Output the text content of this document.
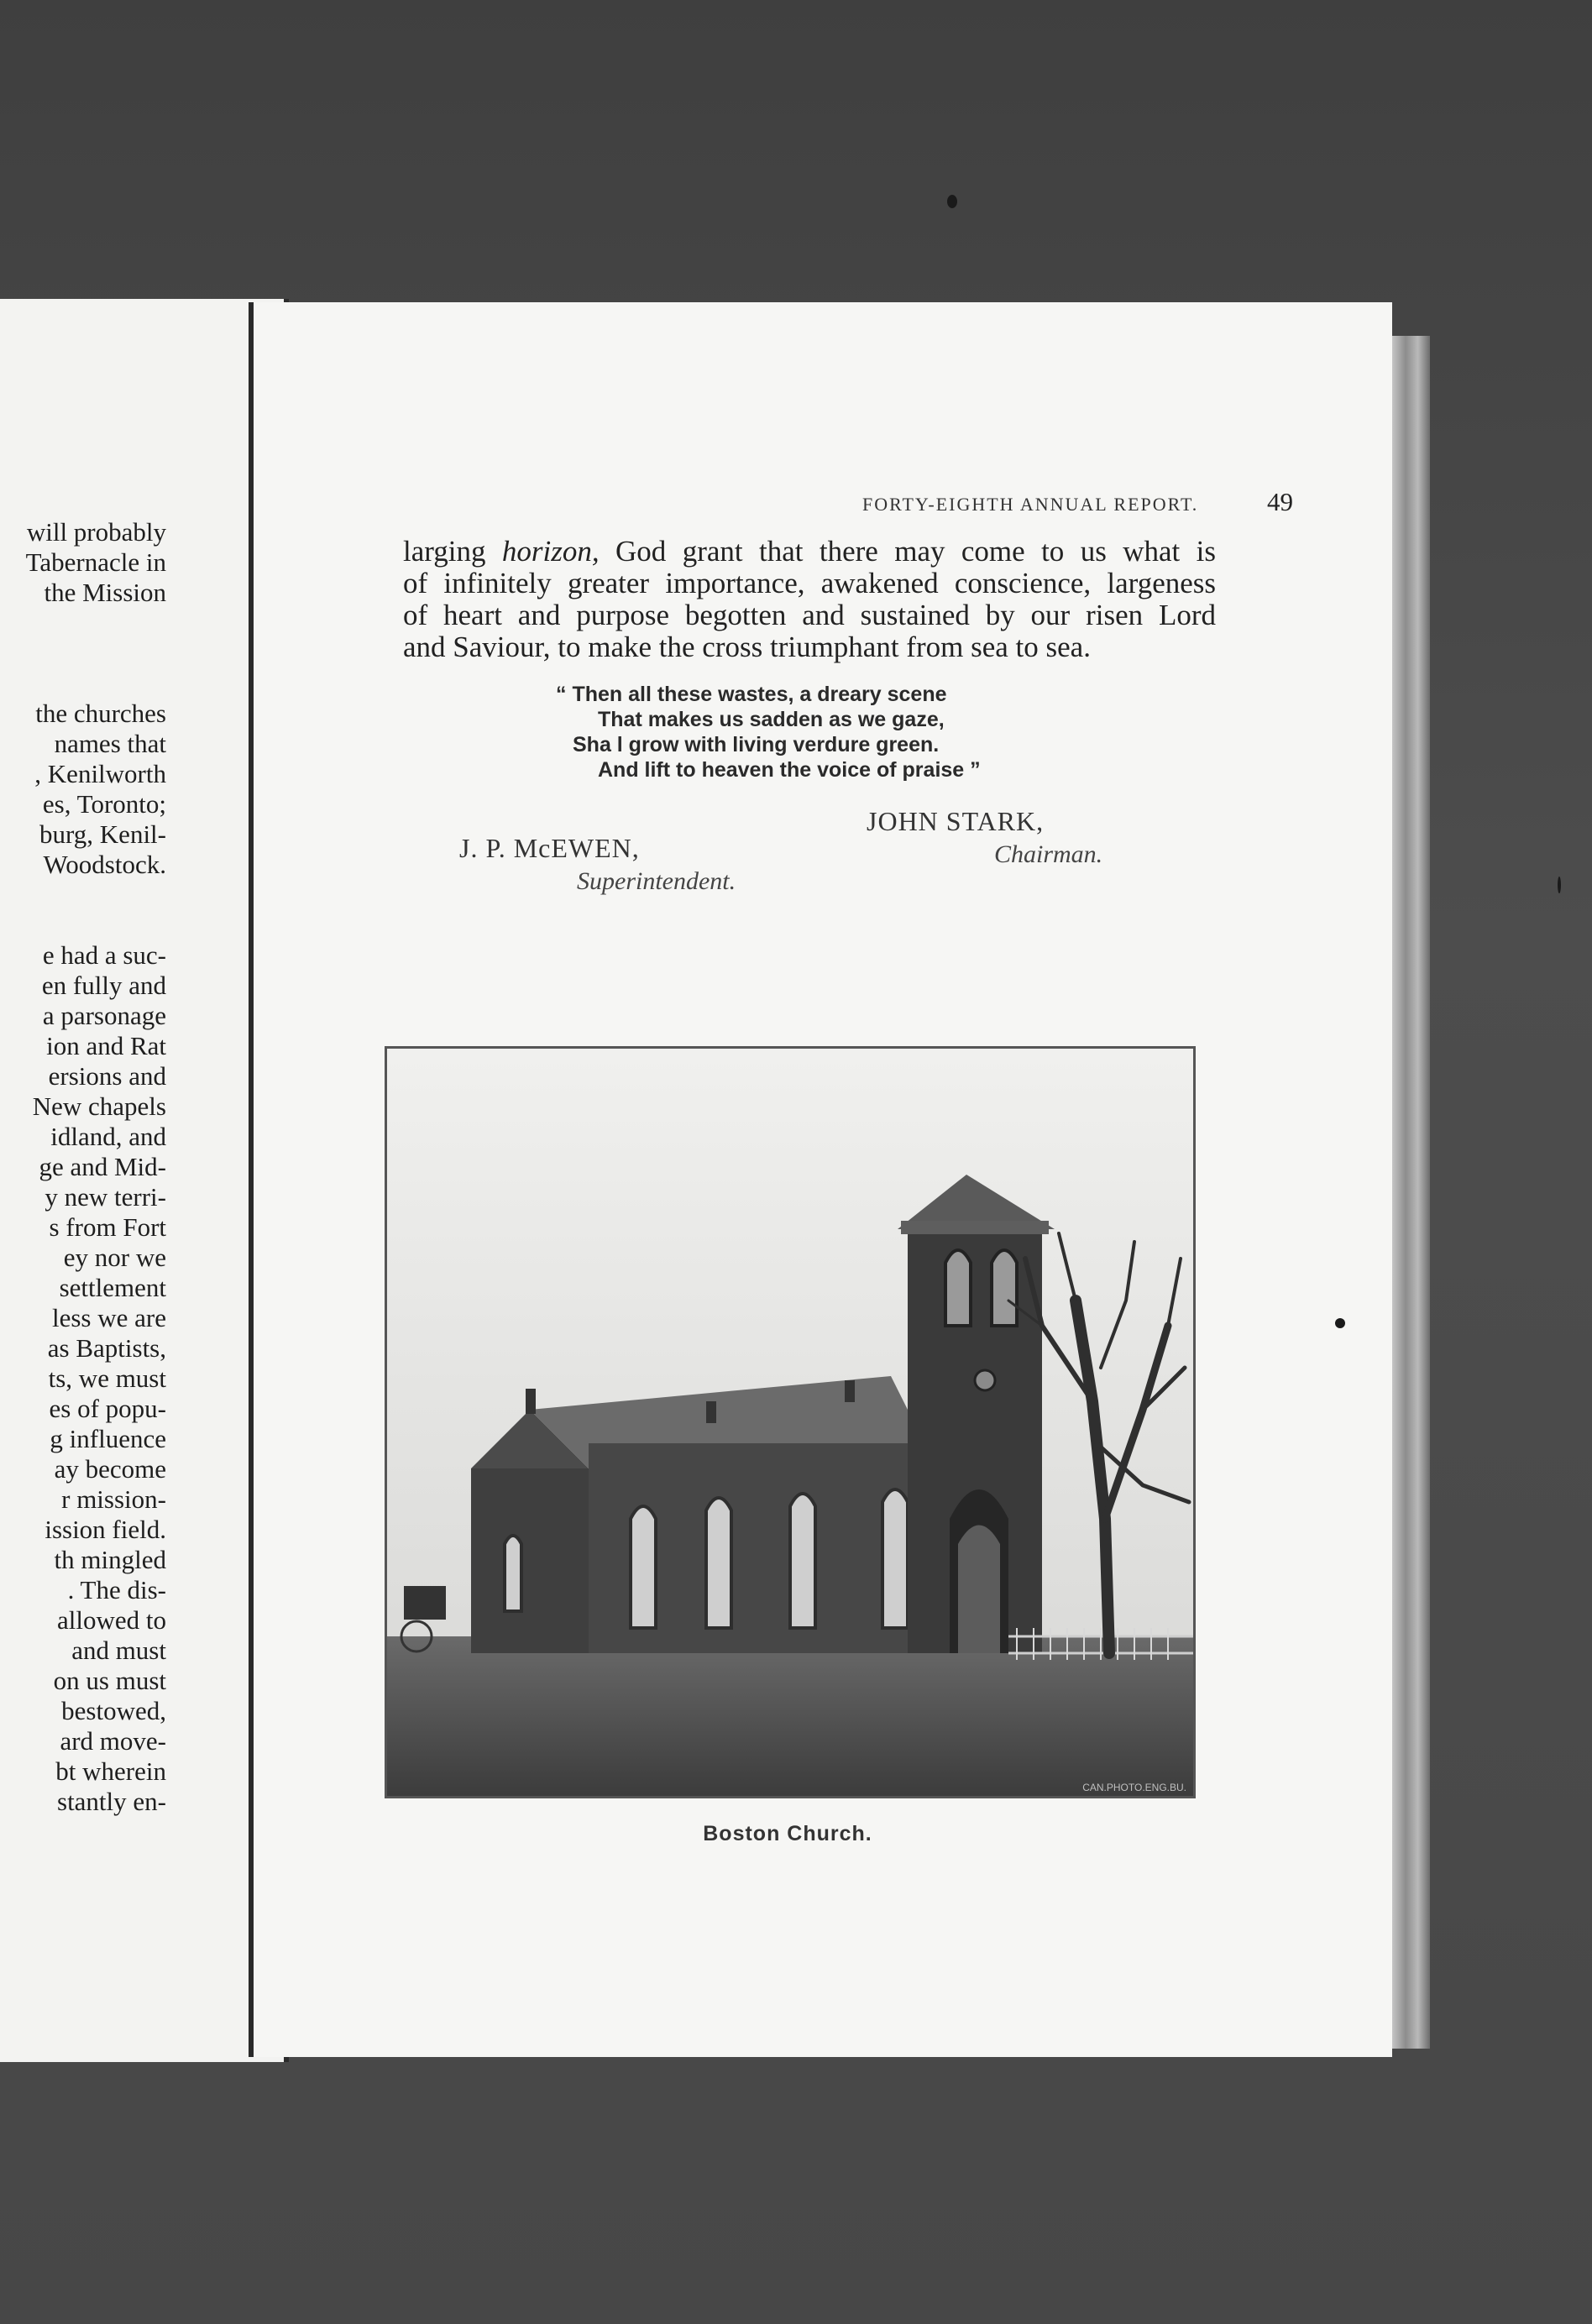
will probably
Tabernacle in
the Mission
the churches
names that
, Kenilworth
es, Toronto;
burg, Kenil-
Woodstock.
e had a suc-
en fully and
a parsonage
ion and Rat
ersions and
New chapels
idland, and
ge and Mid-
y new terri-
s from Fort
ey nor we
settlement
less we are
as Baptists,
ts, we must
es of popu-
g influence
ay become
r mission-
ission field.
th mingled
. The dis-
allowed to
and must
on us must
bestowed,
ard move-
bt wherein
stantly en-
FORTY-EIGHTH ANNUAL REPORT.	49
larging horizon, God grant that there may come to us what is
of infinitely greater importance, awakened conscience, largeness
of heart and purpose begotten and sustained by our risen Lord
and Saviour, to make the cross triumphant from sea to sea.
“ Then all these wastes, a dreary scene
That makes us sadden as we gaze,
Sha l grow with living verdure green.
And lift to heaven the voice of praise ”
J. P. McEWEN,
Superintendent.
JOHN STARK,
Chairman.
CAN.PHOTO.ENG.BU.
Boston Church.
